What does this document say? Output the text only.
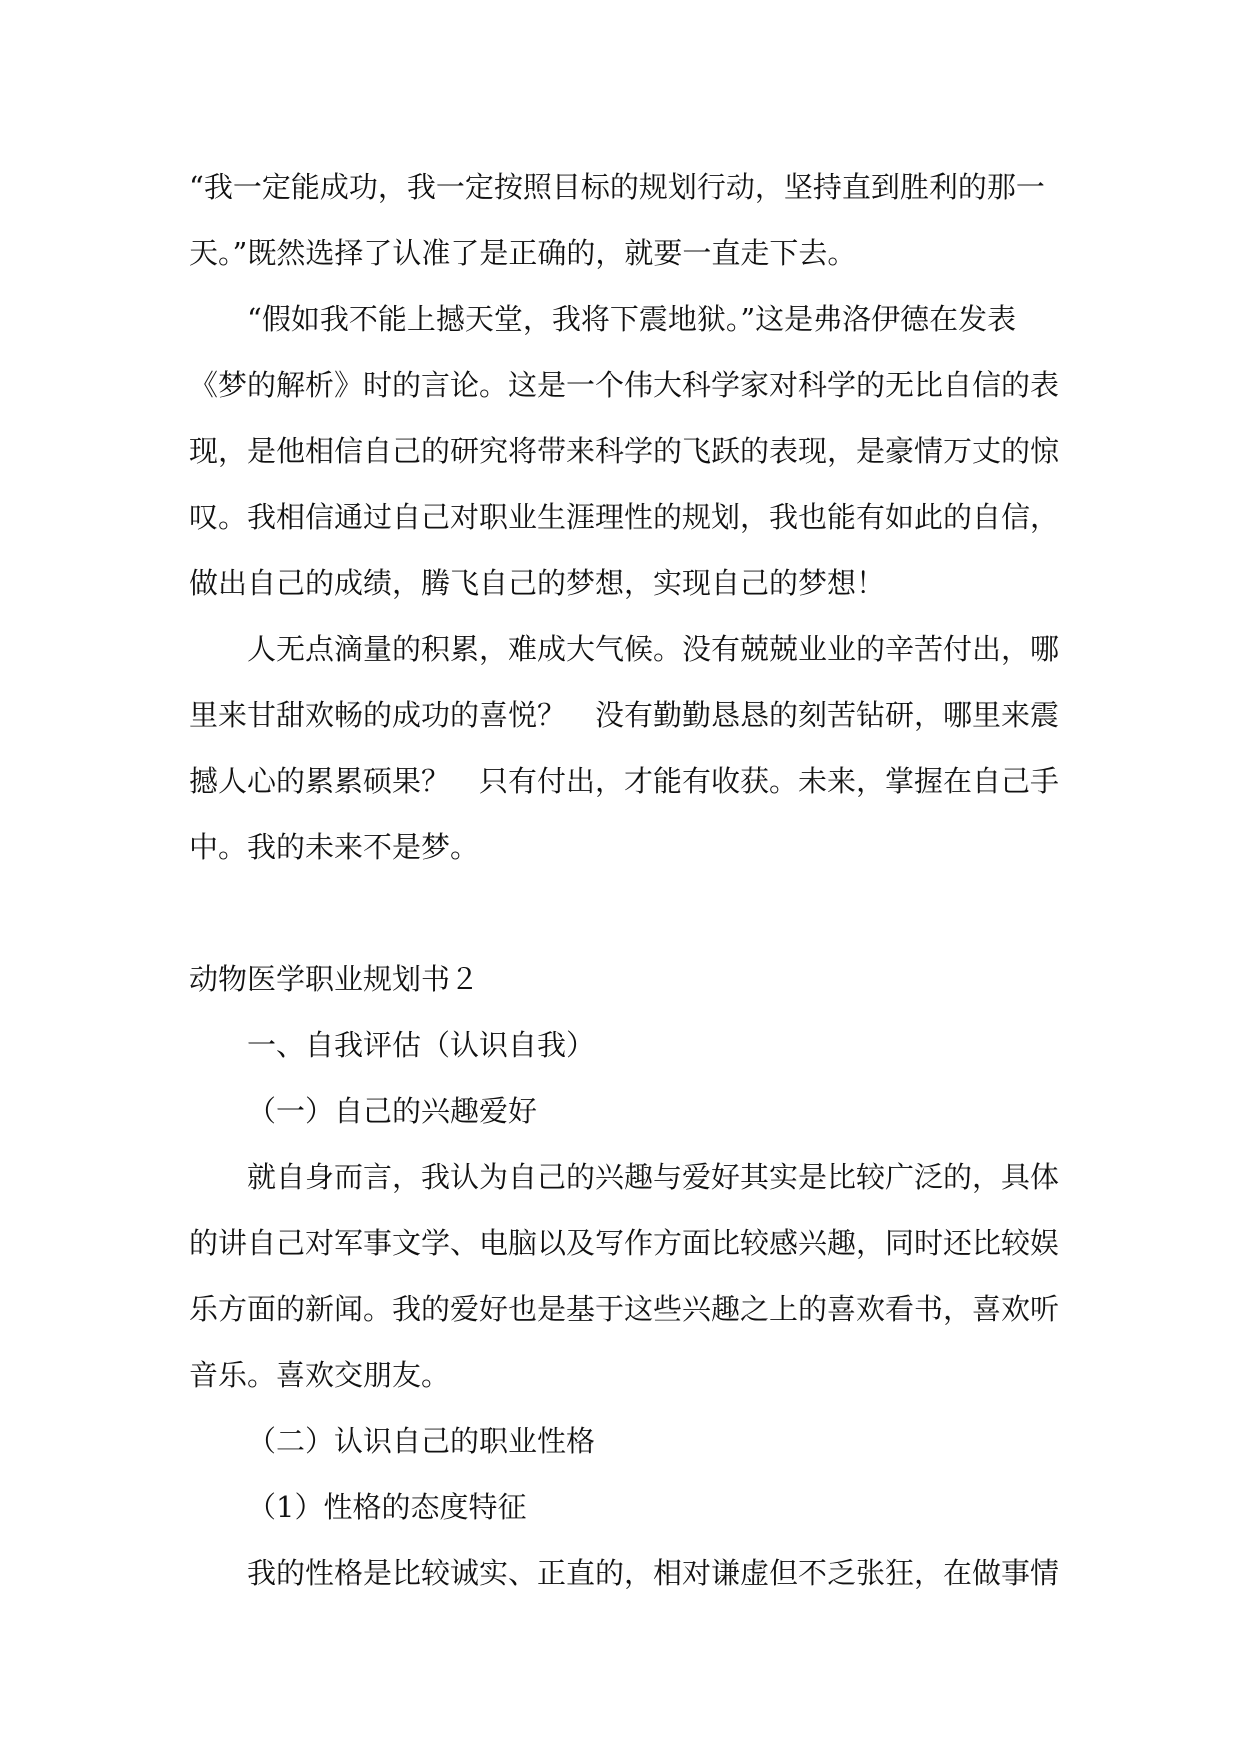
“我一定能成功，我一定按照目标的规划行动，坚持直到胜利的那一
天。”既然选择了认准了是正确的，就要一直走下去。
“假如我不能上撼天堂，我将下震地狱。”这是弗洛伊德在发表
《梦的解析》时的言论。这是一个伟大科学家对科学的无比自信的表
现，是他相信自己的研究将带来科学的飞跃的表现，是豪情万丈的惊
叹。我相信通过自己对职业生涯理性的规划，我也能有如此的自信，
做出自己的成绩，腾飞自己的梦想，实现自己的梦想！
人无点滴量的积累，难成大气候。没有兢兢业业的辛苦付出，哪
里来甘甜欢畅的成功的喜悦？　没有勤勤恳恳的刻苦钻研，哪里来震
撼人心的累累硕果？　只有付出，才能有收获。未来，掌握在自己手
中。我的未来不是梦。
动物医学职业规划书２
一、自我评估（认识自我）
（一）自己的兴趣爱好
就自身而言，我认为自己的兴趣与爱好其实是比较广泛的，具体
的讲自己对军事文学、电脑以及写作方面比较感兴趣，同时还比较娱
乐方面的新闻。我的爱好也是基于这些兴趣之上的喜欢看书，喜欢听
音乐。喜欢交朋友。
（二）认识自己的职业性格
（1）性格的态度特征
我的性格是比较诚实、正直的，相对谦虚但不乏张狂，在做事情
